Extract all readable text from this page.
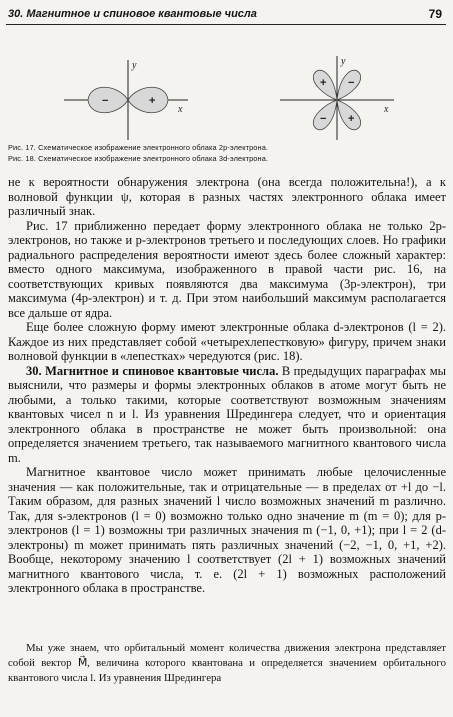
30. Магнитное и спиновое квантовые числа	79
−	+
y
x
+ −
− +
y
x
Рис. 17. Схематическое изображение электронного облака 2p-электрона.
Рис. 18. Схематическое изображение электронного облака 3d-электрона.

не к вероятности обнаружения электрона (она всегда положительна!), а к волновой функции ψ, которая в разных частях электронного облака имеет различный знак.

Рис. 17 приближенно передает форму электронного облака не только 2p-электронов, но также и p-электронов третьего и последующих слоев. Но графики радиального распределения вероятности имеют здесь более сложный характер: вместо одного максимума, изображенного в правой части рис. 16, на соответствующих кривых появляются два максимума (3p-электрон), три максимума (4p-электрон) и т. д. При этом наибольший максимум располагается все дальше от ядра.

Еще более сложную форму имеют электронные облака d-электронов (l = 2). Каждое из них представляет собой «четырехлепестковую» фигуру, причем знаки волновой функции в «лепестках» чередуются (рис. 18).

30. Магнитное и спиновое квантовые числа. В предыдущих параграфах мы выяснили, что размеры и формы электронных облаков в атоме могут быть не любыми, а только такими, которые соответствуют возможным значениям квантовых чисел n и l. Из уравнения Шредингера следует, что и ориентация электронного облака в пространстве не может быть произвольной: она определяется значением третьего, так называемого магнитного квантового числа m.

Магнитное квантовое число может принимать любые целочисленные значения — как положительные, так и отрицательные — в пределах от +l до −l. Таким образом, для разных значений l число возможных значений m различно. Так, для s-электронов (l = 0) возможно только одно значение m (m = 0); для p-электронов (l = 1) возможны три различных значения m (−1, 0, +1); при l = 2 (d-электроны) m может принимать пять различных значений (−2, −1, 0, +1, +2). Вообще, некоторому значению l соответствует (2l + 1) возможных значений магнитного квантового числа, т. е. (2l + 1) возможных расположений электронного облака в пространстве.

Мы уже знаем, что орбитальный момент количества движения электрона представляет собой вектор M⃗, величина которого квантована и определяется значением орбитального квантового числа l. Из уравнения Шредингера
